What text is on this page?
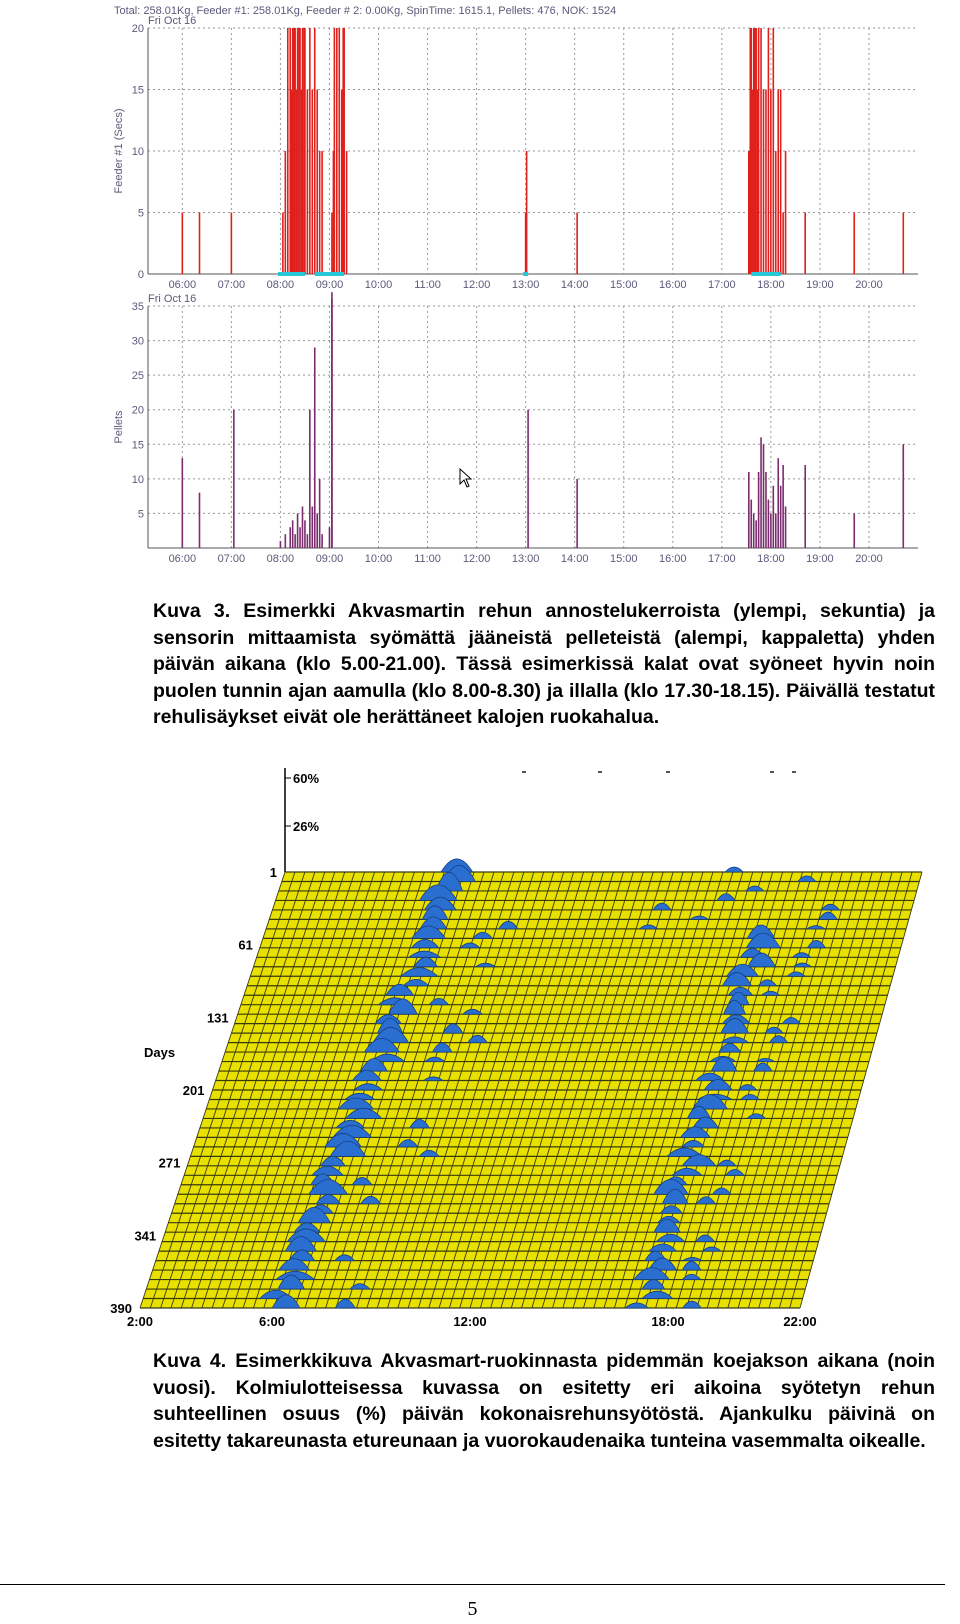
Total: 258.01Kg, Feeder #1: 258.01Kg, Feeder # 2: 0.00Kg, SpinTime: 1615.1, Pellets: 476, NOK: 1524
Fri Oct 16
06:00 07:00 08:00 09:00 10:00 11:00 12:00 13:00 14:00 15:00 16:00 17:00 18:00 19:00 20:00
0
5
10
15
20
Feeder #1 (Secs)
Fri Oct 16
06:00 07:00 08:00 09:00 10:00 11:00 12:00 13:00 14:00 15:00 16:00 17:00 18:00 19:00 20:00
5
10
15
20
25
30
35
Pellets

Kuva 3. Esimerkki Akvasmartin rehun annostelukerroista (ylempi, sekuntia) ja sensorin mittaamista syömättä jääneistä pelleteistä (alempi, kappaletta) yhden päivän aikana (klo 5.00-21.00). Tässä esimerkissä kalat ovat syöneet hyvin noin puolen tunnin ajan aamulla (klo 8.00-8.30) ja illalla (klo 17.30-18.15). Päivällä testatut rehulisäykset eivät ole herättäneet kalojen ruokahalua.

60%
26%
1
61
131
201
271
341
390
Days
2:00	6:00	12:00	18:00	22:00

Kuva 4. Esimerkkikuva Akvasmart-ruokinnasta pidemmän koejakson aikana (noin vuosi). Kolmiulotteisessa kuvassa on esitetty eri aikoina syötetyn rehun suhteellinen osuus (%) päivän kokonaisrehunsyötöstä. Ajankulku päivinä on esitetty takareunasta etureunaan ja vuorokaudenaika tunteina vasemmalta oikealle.

5
